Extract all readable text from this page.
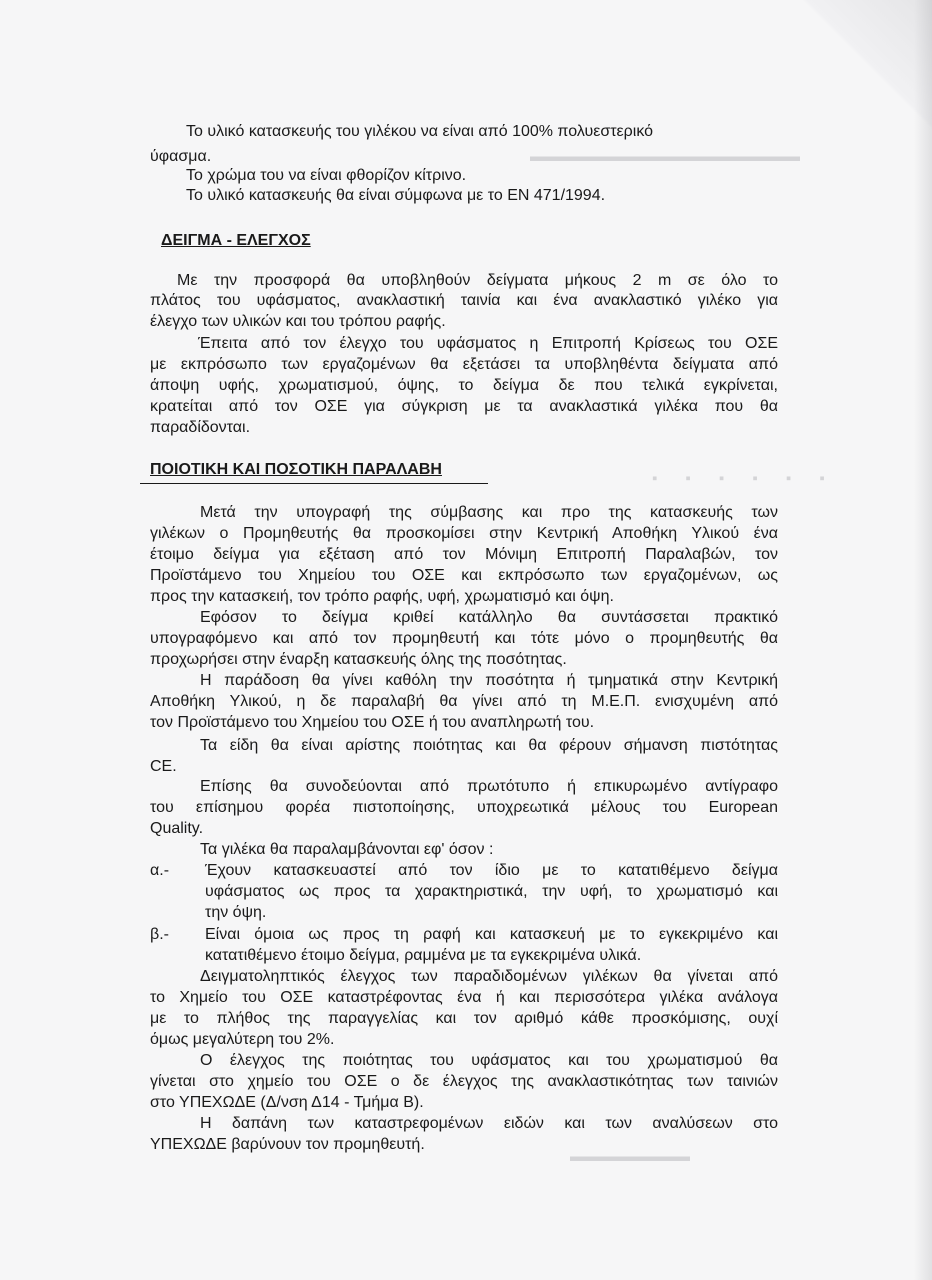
▬▬▬▬▬▬▬▬▬▬▬▬▬▬▬▬▬▬
▪ ▪ ▪ ▪ ▪ ▪
▬▬▬▬▬▬▬▬
Το υλικό κατασκευής του γιλέκου να είναι από 100% πολυεστερικό
ύφασμα.
Το χρώμα του να είναι φθορίζον κίτρινο.
Το υλικό κατασκευής θα είναι σύμφωνα με το ΕΝ 471/1994.
ΔΕΙΓΜΑ - ΕΛΕΓΧΟΣ
Με την προσφορά θα υποβληθούν δείγματα μήκους 2 m σε όλο το
πλάτος του υφάσματος, ανακλαστική ταινία και ένα ανακλαστικό γιλέκο για
έλεγχο των υλικών και του τρόπου ραφής.
Έπειτα από τον έλεγχο του υφάσματος η Επιτροπή Κρίσεως του ΟΣΕ
με εκπρόσωπο των εργαζομένων θα εξετάσει τα υποβληθέντα δείγματα από
άποψη υφής, χρωματισμού, όψης, το δείγμα δε που τελικά εγκρίνεται,
κρατείται από τον ΟΣΕ για σύγκριση με τα ανακλαστικά γιλέκα που θα
παραδίδονται.
ΠΟΙΟΤΙΚΗ ΚΑΙ ΠΟΣΟΤΙΚΗ ΠΑΡΑΛΑΒΗ
Μετά την υπογραφή της σύμβασης και προ της κατασκευής των
γιλέκων ο Προμηθευτής θα προσκομίσει στην Κεντρική Αποθήκη Υλικού ένα
έτοιμο δείγμα για εξέταση από τον Μόνιμη Επιτροπή Παραλαβών, τον
Προϊστάμενο του Χημείου του ΟΣΕ και εκπρόσωπο των εργαζομένων, ως
προς την κατασκειή, τον τρόπο ραφής, υφή, χρωματισμό και όψη.
Εφόσον το δείγμα κριθεί κατάλληλο θα συντάσσεται πρακτικό
υπογραφόμενο και από τον προμηθευτή και τότε μόνο ο προμηθευτής θα
προχωρήσει στην έναρξη κατασκευής όλης της ποσότητας.
Η παράδοση θα γίνει καθόλη την ποσότητα ή τμηματικά στην Κεντρική
Αποθήκη Υλικού, η δε παραλαβή θα γίνει από τη Μ.Ε.Π. ενισχυμένη από
τον Προϊστάμενο του Χημείου του ΟΣΕ ή του αναπληρωτή του.
Τα είδη θα είναι αρίστης ποιότητας και θα φέρουν σήμανση πιστότητας
CE.
Επίσης θα συνοδεύονται από πρωτότυπο ή επικυρωμένο αντίγραφο
του επίσημου φορέα πιστοποίησης, υποχρεωτικά μέλους του European
Quality.
Τα γιλέκα θα παραλαμβάνονται εφ' όσον :
α.- Έχουν κατασκευαστεί από τον ίδιο με το κατατιθέμενο δείγμα
υφάσματος ως προς τα χαρακτηριστικά, την υφή, το χρωματισμό και
την όψη.
β.- Είναι όμοια ως προς τη ραφή και κατασκευή με το εγκεκριμένο και
κατατιθέμενο έτοιμο δείγμα, ραμμένα με τα εγκεκριμένα υλικά.
Δειγματοληπτικός έλεγχος των παραδιδομένων γιλέκων θα γίνεται από
το Χημείο του ΟΣΕ καταστρέφοντας ένα ή και περισσότερα γιλέκα ανάλογα
με το πλήθος της παραγγελίας και τον αριθμό κάθε προσκόμισης, ουχί
όμως μεγαλύτερη του 2%.
Ο έλεγχος της ποιότητας του υφάσματος και του χρωματισμού θα
γίνεται στο χημείο του ΟΣΕ ο δε έλεγχος της ανακλαστικότητας των ταινιών
στο ΥΠΕΧΩΔΕ (Δ/νση Δ14 - Τμήμα Β).
Η δαπάνη των καταστρεφομένων ειδών και των αναλύσεων στο
ΥΠΕΧΩΔΕ βαρύνουν τον προμηθευτή.
